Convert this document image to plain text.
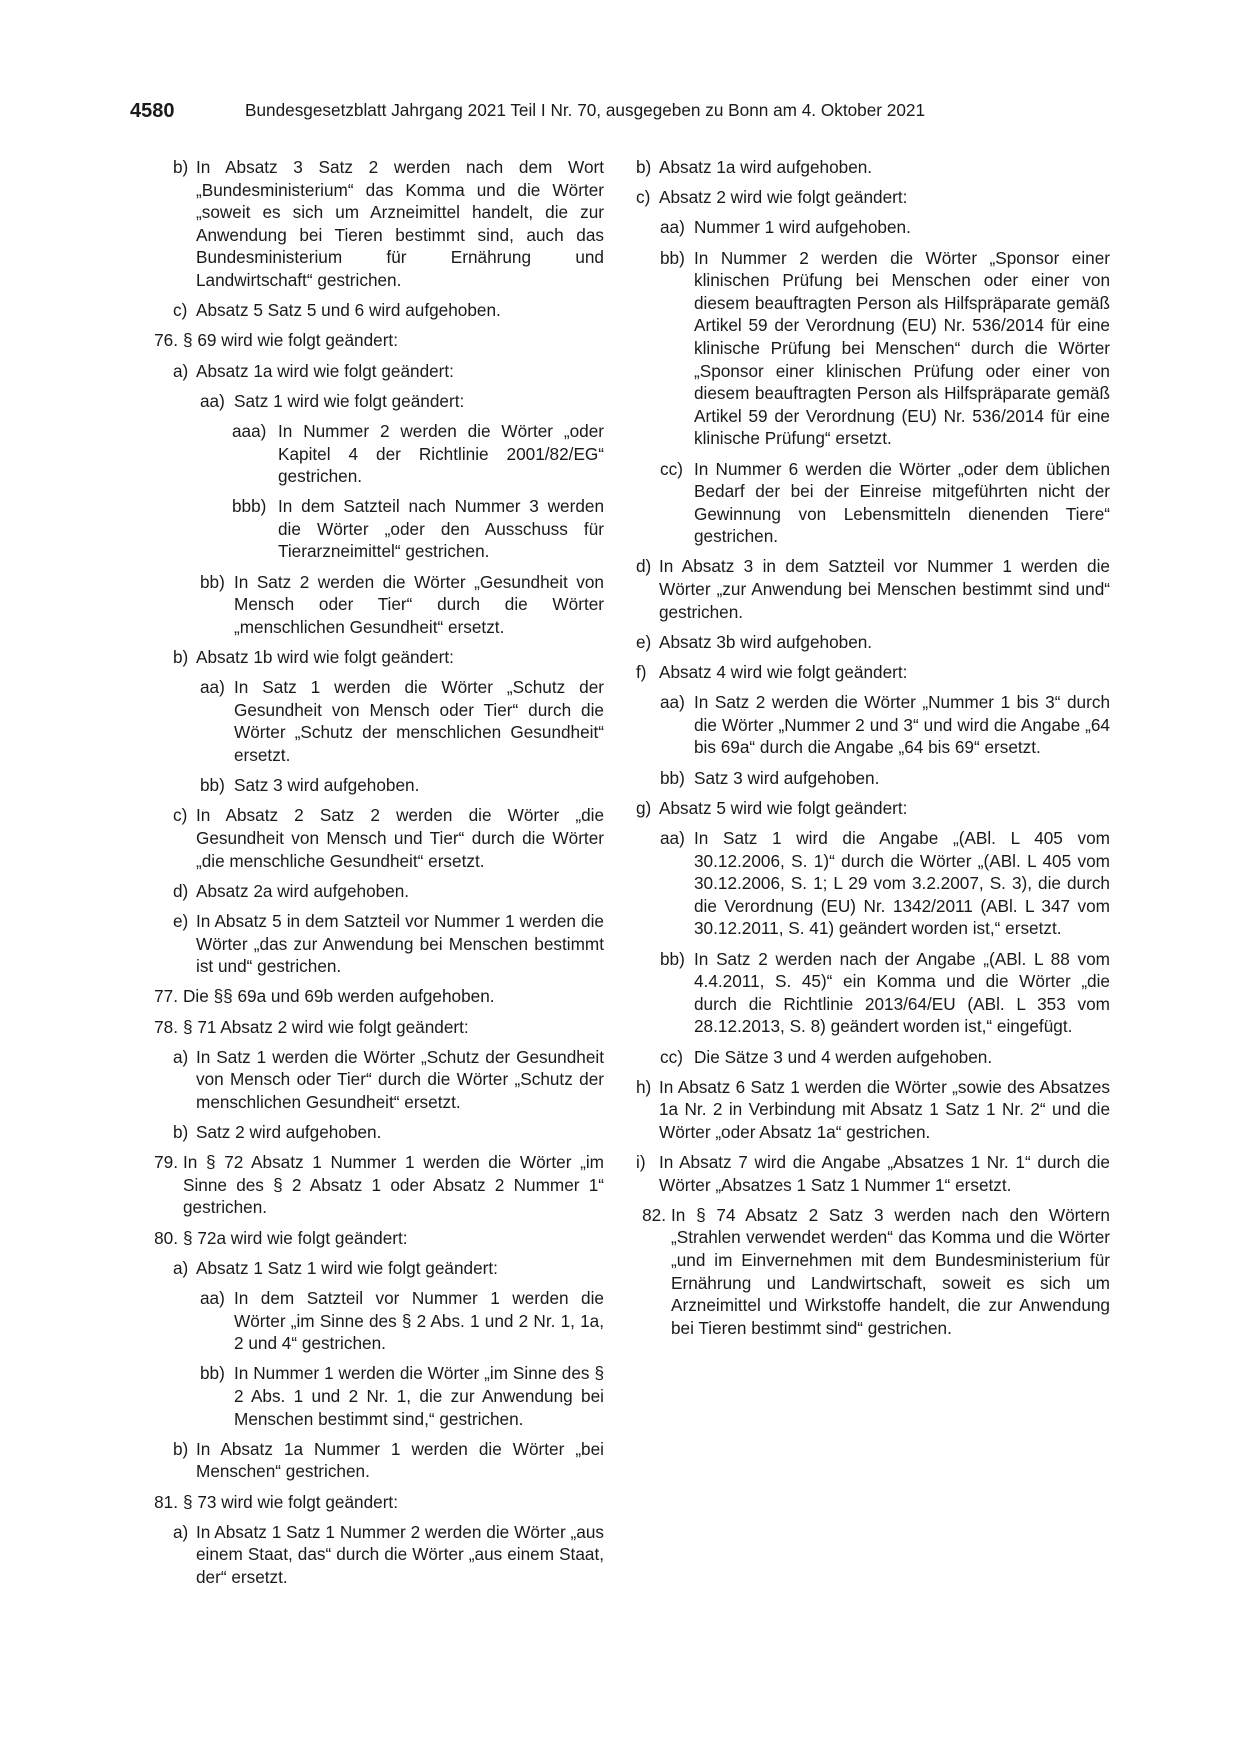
4580	Bundesgesetzblatt Jahrgang 2021 Teil I Nr. 70, ausgegeben zu Bonn am 4. Oktober 2021
b) In Absatz 3 Satz 2 werden nach dem Wort „Bundesministerium“ das Komma und die Wörter „soweit es sich um Arzneimittel handelt, die zur Anwendung bei Tieren bestimmt sind, auch das Bundesministerium für Ernährung und Landwirtschaft“ gestrichen.
c) Absatz 5 Satz 5 und 6 wird aufgehoben.
76. § 69 wird wie folgt geändert:
a) Absatz 1a wird wie folgt geändert:
aa) Satz 1 wird wie folgt geändert:
aaa) In Nummer 2 werden die Wörter „oder Kapitel 4 der Richtlinie 2001/82/EG“ gestrichen.
bbb) In dem Satzteil nach Nummer 3 werden die Wörter „oder den Ausschuss für Tierarzneimittel“ gestrichen.
bb) In Satz 2 werden die Wörter „Gesundheit von Mensch oder Tier“ durch die Wörter „menschlichen Gesundheit“ ersetzt.
b) Absatz 1b wird wie folgt geändert:
aa) In Satz 1 werden die Wörter „Schutz der Gesundheit von Mensch oder Tier“ durch die Wörter „Schutz der menschlichen Gesundheit“ ersetzt.
bb) Satz 3 wird aufgehoben.
c) In Absatz 2 Satz 2 werden die Wörter „die Gesundheit von Mensch und Tier“ durch die Wörter „die menschliche Gesundheit“ ersetzt.
d) Absatz 2a wird aufgehoben.
e) In Absatz 5 in dem Satzteil vor Nummer 1 werden die Wörter „das zur Anwendung bei Menschen bestimmt ist und“ gestrichen.
77. Die §§ 69a und 69b werden aufgehoben.
78. § 71 Absatz 2 wird wie folgt geändert:
a) In Satz 1 werden die Wörter „Schutz der Gesundheit von Mensch oder Tier“ durch die Wörter „Schutz der menschlichen Gesundheit“ ersetzt.
b) Satz 2 wird aufgehoben.
79. In § 72 Absatz 1 Nummer 1 werden die Wörter „im Sinne des § 2 Absatz 1 oder Absatz 2 Nummer 1“ gestrichen.
80. § 72a wird wie folgt geändert:
a) Absatz 1 Satz 1 wird wie folgt geändert:
aa) In dem Satzteil vor Nummer 1 werden die Wörter „im Sinne des § 2 Abs. 1 und 2 Nr. 1, 1a, 2 und 4“ gestrichen.
bb) In Nummer 1 werden die Wörter „im Sinne des § 2 Abs. 1 und 2 Nr. 1, die zur Anwendung bei Menschen bestimmt sind,“ gestrichen.
b) In Absatz 1a Nummer 1 werden die Wörter „bei Menschen“ gestrichen.
81. § 73 wird wie folgt geändert:
a) In Absatz 1 Satz 1 Nummer 2 werden die Wörter „aus einem Staat, das“ durch die Wörter „aus einem Staat, der“ ersetzt.
b) Absatz 1a wird aufgehoben.
c) Absatz 2 wird wie folgt geändert:
aa) Nummer 1 wird aufgehoben.
bb) In Nummer 2 werden die Wörter „Sponsor einer klinischen Prüfung bei Menschen oder einer von diesem beauftragten Person als Hilfspräparate gemäß Artikel 59 der Verordnung (EU) Nr. 536/2014 für eine klinische Prüfung bei Menschen“ durch die Wörter „Sponsor einer klinischen Prüfung oder einer von diesem beauftragten Person als Hilfspräparate gemäß Artikel 59 der Verordnung (EU) Nr. 536/2014 für eine klinische Prüfung“ ersetzt.
cc) In Nummer 6 werden die Wörter „oder dem üblichen Bedarf der bei der Einreise mitgeführten nicht der Gewinnung von Lebensmitteln dienenden Tiere“ gestrichen.
d) In Absatz 3 in dem Satzteil vor Nummer 1 werden die Wörter „zur Anwendung bei Menschen bestimmt sind und“ gestrichen.
e) Absatz 3b wird aufgehoben.
f) Absatz 4 wird wie folgt geändert:
aa) In Satz 2 werden die Wörter „Nummer 1 bis 3“ durch die Wörter „Nummer 2 und 3“ und wird die Angabe „64 bis 69a“ durch die Angabe „64 bis 69“ ersetzt.
bb) Satz 3 wird aufgehoben.
g) Absatz 5 wird wie folgt geändert:
aa) In Satz 1 wird die Angabe „(ABl. L 405 vom 30.12.2006, S. 1)“ durch die Wörter „(ABl. L 405 vom 30.12.2006, S. 1; L 29 vom 3.2.2007, S. 3), die durch die Verordnung (EU) Nr. 1342/2011 (ABl. L 347 vom 30.12.2011, S. 41) geändert worden ist,“ ersetzt.
bb) In Satz 2 werden nach der Angabe „(ABl. L 88 vom 4.4.2011, S. 45)“ ein Komma und die Wörter „die durch die Richtlinie 2013/64/EU (ABl. L 353 vom 28.12.2013, S. 8) geändert worden ist,“ eingefügt.
cc) Die Sätze 3 und 4 werden aufgehoben.
h) In Absatz 6 Satz 1 werden die Wörter „sowie des Absatzes 1a Nr. 2 in Verbindung mit Absatz 1 Satz 1 Nr. 2“ und die Wörter „oder Absatz 1a“ gestrichen.
i) In Absatz 7 wird die Angabe „Absatzes 1 Nr. 1“ durch die Wörter „Absatzes 1 Satz 1 Nummer 1“ ersetzt.
82. In § 74 Absatz 2 Satz 3 werden nach den Wörtern „Strahlen verwendet werden“ das Komma und die Wörter „und im Einvernehmen mit dem Bundesministerium für Ernährung und Landwirtschaft, soweit es sich um Arzneimittel und Wirkstoffe handelt, die zur Anwendung bei Tieren bestimmt sind“ gestrichen.
